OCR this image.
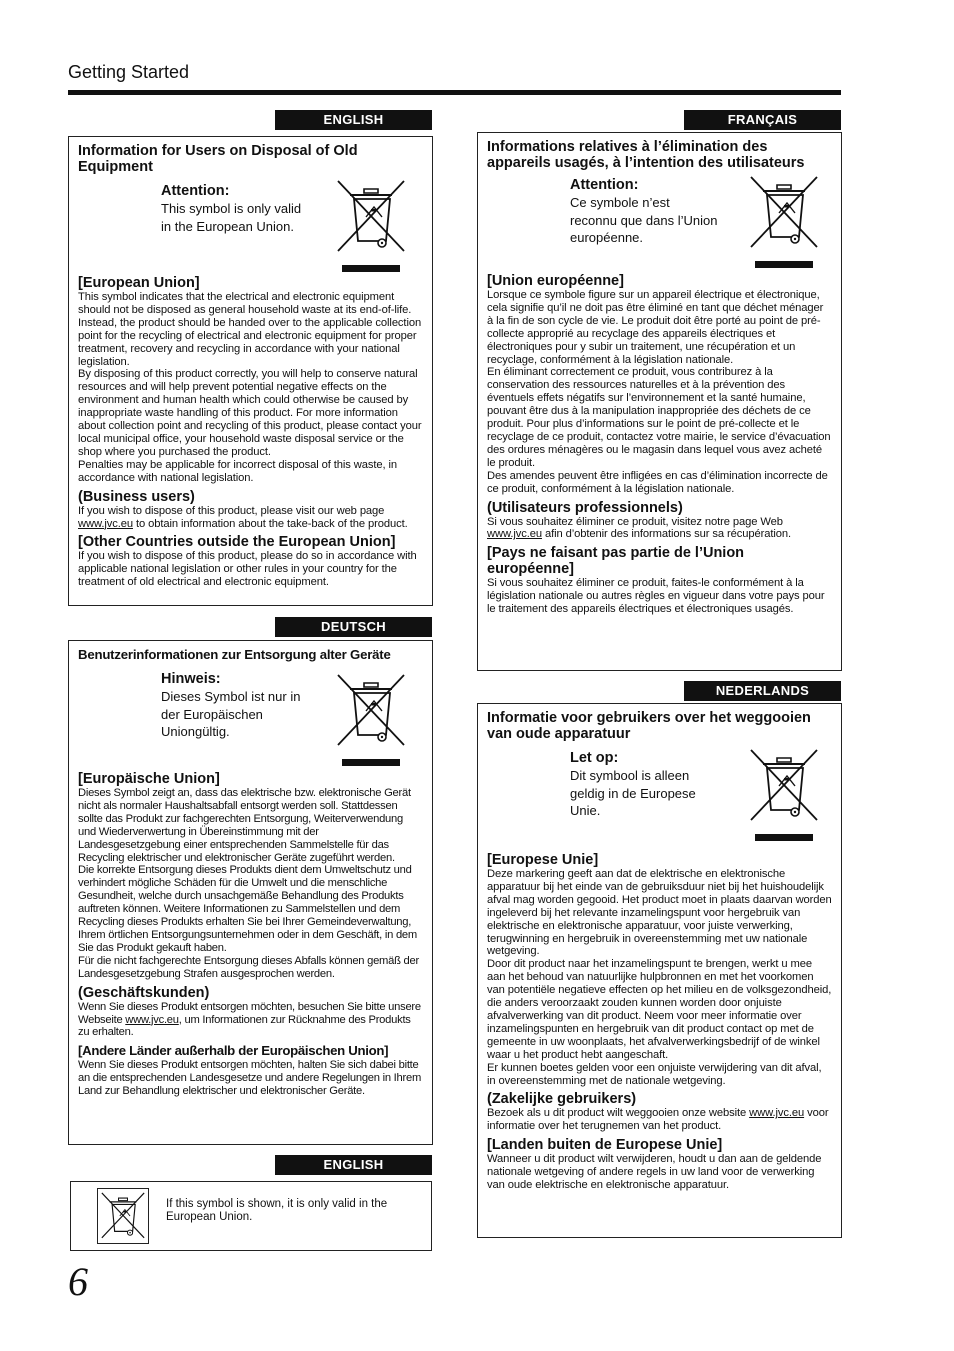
Getting Started
ENGLISH
Information for Users on Disposal of Old Equipment
Attention:
This symbol is only valid in the European Union.
[European Union]

This symbol indicates that the electrical and electronic equipment should not be disposed as general household waste at its end-of-life. Instead, the product should be handed over to the applicable collection point for the recycling of electrical and electronic equipment for proper treatment, recovery and recycling in accordance with your national legislation.

By disposing of this product correctly, you will help to conserve natural resources and will help prevent potential negative effects on the environment and human health which could otherwise be caused by inappropriate waste handling of this product. For more information about collection point and recycling of this product, please contact your local municipal office, your household waste disposal service or the shop where you purchased the product.

Penalties may be applicable for incorrect disposal of this waste, in accordance with national legislation.

(Business users)

If you wish to dispose of this product, please visit our web page www.jvc.eu to obtain information about the take-back of the product.

[Other Countries outside the European Union]

If you wish to dispose of this product, please do so in accordance with applicable national legislation or other rules in your country for the treatment of old electrical and electronic equipment.

DEUTSCH
Benutzerinformationen zur Entsorgung alter Geräte
Hinweis:
Dieses Symbol ist nur in der Europäischen Uniongültig.
[Europäische Union]

Dieses Symbol zeigt an, dass das elektrische bzw. elektronische Gerät nicht als normaler Haushaltsabfall entsorgt werden soll. Stattdessen sollte das Produkt zur fachgerechten Entsorgung, Weiterverwendung und Wiederverwertung in Übereinstimmung mit der Landesgesetzgebung einer entsprechenden Sammelstelle für das Recycling elektrischer und elektronischer Geräte zugeführt werden.

Die korrekte Entsorgung dieses Produkts dient dem Umweltschutz und verhindert mögliche Schäden für die Umwelt und die menschliche Gesundheit, welche durch unsachgemäße Behandlung des Produkts auftreten können. Weitere Informationen zu Sammelstellen und dem Recycling dieses Produkts erhalten Sie bei Ihrer Gemeindeverwaltung, Ihrem örtlichen Entsorgungsunternehmen oder in dem Geschäft, in dem Sie das Produkt gekauft haben.

Für die nicht fachgerechte Entsorgung dieses Abfalls können gemäß der Landesgesetzgebung Strafen ausgesprochen werden.

(Geschäftskunden)

Wenn Sie dieses Produkt entsorgen möchten, besuchen Sie bitte unsere Webseite www.jvc.eu, um Informationen zur Rücknahme des Produkts zu erhalten.

[Andere Länder außerhalb der Europäischen Union]

Wenn Sie dieses Produkt entsorgen möchten, halten Sie sich dabei bitte an die entsprechenden Landesgesetze und andere Regelungen in Ihrem Land zur Behandlung elektrischer und elektronischer Geräte.

ENGLISH
If this symbol is shown, it is only valid in the European Union.
FRANÇAIS
Informations relatives à l’élimination des appareils usagés, à l’intention des utilisateurs
Attention:
Ce symbole n’est reconnu que dans l’Union européenne.
[Union européenne]

Lorsque ce symbole figure sur un appareil électrique et électronique, cela signifie qu’il ne doit pas être éliminé en tant que déchet ménager à la fin de son cycle de vie. Le produit doit être porté au point de pré-collecte approprié au recyclage des appareils électriques et électroniques pour y subir un traitement, une récupération et un recyclage, conformément à la législation nationale.

En éliminant correctement ce produit, vous contriburez à la conservation des ressources naturelles et à la prévention des éventuels effets négatifs sur l’environnement et la santé humaine, pouvant être dus à la manipulation inappropriée des déchets de ce produit. Pour plus d’informations sur le point de pré-collecte et le recyclage de ce produit, contactez votre mairie, le service d’évacuation des ordures ménagères ou le magasin dans lequel vous avez acheté le produit.

Des amendes peuvent être infligées en cas d’élimination incorrecte de ce produit, conformément à la législation nationale.

(Utilisateurs professionnels)

Si vous souhaitez éliminer ce produit, visitez notre page Web www.jvc.eu afin d’obtenir des informations sur sa récupération.

[Pays ne faisant pas partie de l’Union européenne]

Si vous souhaitez éliminer ce produit, faites-le conformément à la législation nationale ou autres règles en vigueur dans votre pays pour le traitement des appareils électriques et électroniques usagés.

NEDERLANDS
Informatie voor gebruikers over het weggooien van oude apparatuur
Let op:
Dit symbool is alleen geldig in de Europese Unie.
[Europese Unie]

Deze markering geeft aan dat de elektrische en elektronische apparatuur bij het einde van de gebruiksduur niet bij het huishoudelijk afval mag worden gegooid. Het product moet in plaats daarvan worden ingeleverd bij het relevante inzamelingspunt voor hergebruik van elektrische en elektronische apparatuur, voor juiste verwerking, terugwinning en hergebruik in overeenstemming met uw nationale wetgeving.

Door dit product naar het inzamelingspunt te brengen, werkt u mee aan het behoud van natuurlijke hulpbronnen en met het voorkomen van potentiële negatieve effecten op het milieu en de volksgezondheid, die anders veroorzaakt zouden kunnen worden door onjuiste afvalverwerking van dit product. Neem voor meer informatie over inzamelingspunten en hergebruik van dit product contact op met de gemeente in uw woonplaats, het afvalverwerkingsbedrijf of de winkel waar u het product hebt aangeschaft.

Er kunnen boetes gelden voor een onjuiste verwijdering van dit afval, in overeenstemming met de nationale wetgeving.

(Zakelijke gebruikers)

Bezoek als u dit product wilt weggooien onze website www.jvc.eu voor informatie over het terugnemen van het product.

[Landen buiten de Europese Unie]

Wanneer u dit product wilt verwijderen, houdt u dan aan de geldende nationale wetgeving of andere regels in uw land voor de verwerking van oude elektrische en elektronische apparatuur.

6
